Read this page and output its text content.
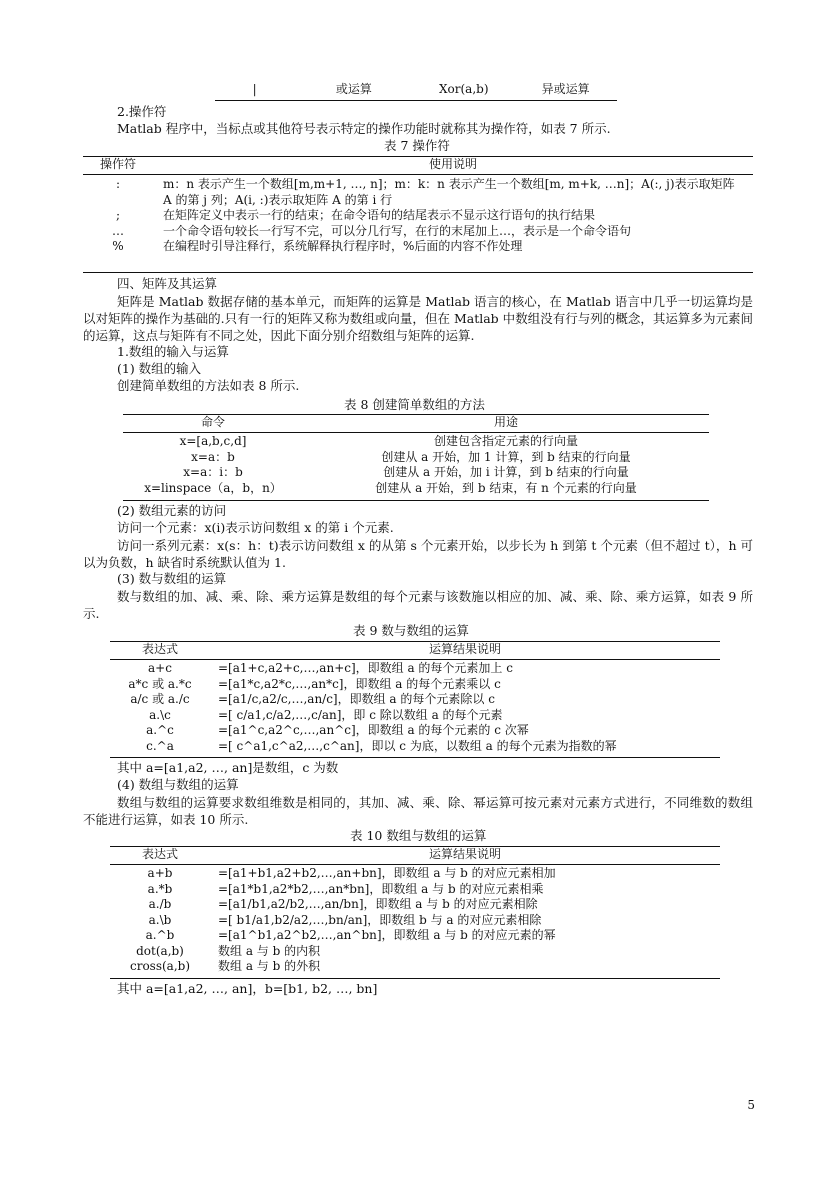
|	或运算	Xor(a,b)	异或运算
2.操作符
Matlab 程序中，当标点或其他符号表示特定的操作功能时就称其为操作符，如表 7 所示.
表 7 操作符
操作符	使用说明
:	m：n 表示产生一个数组[m,m+1, …, n]；m：k：n 表示产生一个数组[m, m+k, …n]；A(:, j)表示取矩阵 A 的第 j 列；A(i, :)表示取矩阵 A 的第 i 行
;	在矩阵定义中表示一行的结束；在命令语句的结尾表示不显示这行语句的执行结果
…	一个命令语句较长一行写不完，可以分几行写，在行的末尾加上…，表示是一个命令语句
%	在编程时引导注释行，系统解释执行程序时，%后面的内容不作处理
四、矩阵及其运算
矩阵是 Matlab 数据存储的基本单元，而矩阵的运算是 Matlab 语言的核心，在 Matlab 语言中几乎一切运算均是以对矩阵的操作为基础的.只有一行的矩阵又称为数组或向量，但在 Matlab 中数组没有行与列的概念，其运算多为元素间的运算，这点与矩阵有不同之处，因此下面分别介绍数组与矩阵的运算.
1.数组的输入与运算
(1) 数组的输入
创建简单数组的方法如表 8 所示.
表 8 创建简单数组的方法
命令	用途
x=[a,b,c,d]	创建包含指定元素的行向量
x=a：b	创建从 a 开始，加 1 计算，到 b 结束的行向量
x=a：i：b	创建从 a 开始，加 i 计算，到 b 结束的行向量
x=linspace（a，b，n）	创建从 a 开始，到 b 结束，有 n 个元素的行向量
(2) 数组元素的访问
访问一个元素：x(i)表示访问数组 x 的第 i 个元素.
访问一系列元素：x(s：h：t)表示访问数组 x 的从第 s 个元素开始，以步长为 h 到第 t 个元素（但不超过 t），h 可以为负数，h 缺省时系统默认值为 1.
(3) 数与数组的运算
数与数组的加、减、乘、除、乘方运算是数组的每个元素与该数施以相应的加、减、乘、除、乘方运算，如表 9 所示.
表 9 数与数组的运算
表达式	运算结果说明
a+c	=[a1+c,a2+c,…,an+c]，即数组 a 的每个元素加上 c
a*c 或 a.*c	=[a1*c,a2*c,…,an*c]，即数组 a 的每个元素乘以 c
a/c 或 a./c	=[a1/c,a2/c,…,an/c]，即数组 a 的每个元素除以 c
a.\c	=[ c/a1,c/a2,…,c/an]，即 c 除以数组 a 的每个元素
a.^c	=[a1^c,a2^c,…,an^c]，即数组 a 的每个元素的 c 次幂
c.^a	=[ c^a1,c^a2,…,c^an]，即以 c 为底，以数组 a 的每个元素为指数的幂
其中 a=[a1,a2, …, an]是数组，c 为数
(4) 数组与数组的运算
数组与数组的运算要求数组维数是相同的，其加、减、乘、除、幂运算可按元素对元素方式进行，不同维数的数组不能进行运算，如表 10 所示.
表 10 数组与数组的运算
表达式	运算结果说明
a+b	=[a1+b1,a2+b2,…,an+bn]，即数组 a 与 b 的对应元素相加
a.*b	=[a1*b1,a2*b2,…,an*bn]，即数组 a 与 b 的对应元素相乘
a./b	=[a1/b1,a2/b2,…,an/bn]，即数组 a 与 b 的对应元素相除
a.\b	=[ b1/a1,b2/a2,…,bn/an]，即数组 b 与 a 的对应元素相除
a.^b	=[a1^b1,a2^b2,…,an^bn]，即数组 a 与 b 的对应元素的幂
dot(a,b)	数组 a 与 b 的内积
cross(a,b)	数组 a 与 b 的外积
其中 a=[a1,a2, …, an]，b=[b1, b2, …, bn]
5
